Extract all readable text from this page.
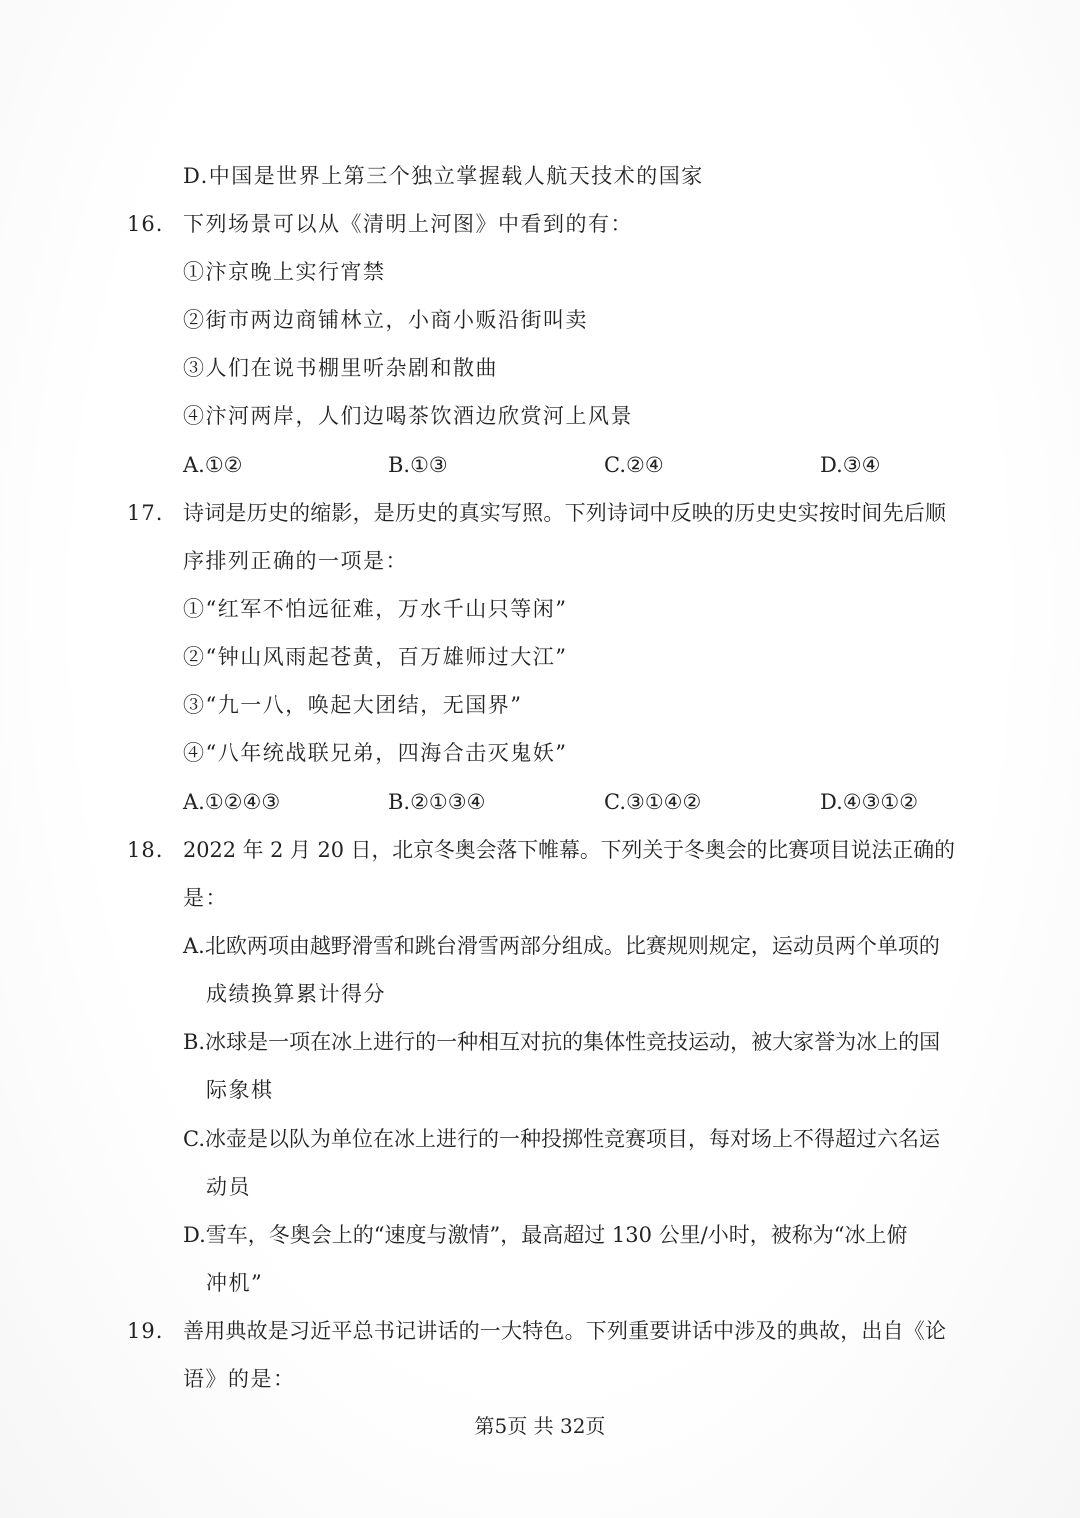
D.中国是世界上第三个独立掌握载人航天技术的国家
16. 下列场景可以从《清明上河图》中看到的有：
①汴京晚上实行宵禁
②街市两边商铺林立，小商小贩沿街叫卖
③人们在说书棚里听杂剧和散曲
④汴河两岸，人们边喝茶饮酒边欣赏河上风景
A.①②	B.①③	C.②④	D.③④
17. 诗词是历史的缩影，是历史的真实写照。下列诗词中反映的历史史实按时间先后顺
序排列正确的一项是：
①“红军不怕远征难，万水千山只等闲”
②“钟山风雨起苍黄，百万雄师过大江”
③“九一八，唤起大团结，无国界”
④“八年统战联兄弟，四海合击灭鬼妖”
A.①②④③	B.②①③④	C.③①④②	D.④③①②
18. 2022 年 2 月 20 日，北京冬奥会落下帷幕。下列关于冬奥会的比赛项目说法正确的
是：
A.北欧两项由越野滑雪和跳台滑雪两部分组成。比赛规则规定，运动员两个单项的
成绩换算累计得分
B.冰球是一项在冰上进行的一种相互对抗的集体性竞技运动，被大家誉为冰上的国
际象棋
C.冰壶是以队为单位在冰上进行的一种投掷性竞赛项目，每对场上不得超过六名运
动员
D.雪车，冬奥会上的“速度与激情”，最高超过 130 公里/小时，被称为“冰上俯
冲机”
19. 善用典故是习近平总书记讲话的一大特色。下列重要讲话中涉及的典故，出自《论
语》的是：
第5页 共 32页
